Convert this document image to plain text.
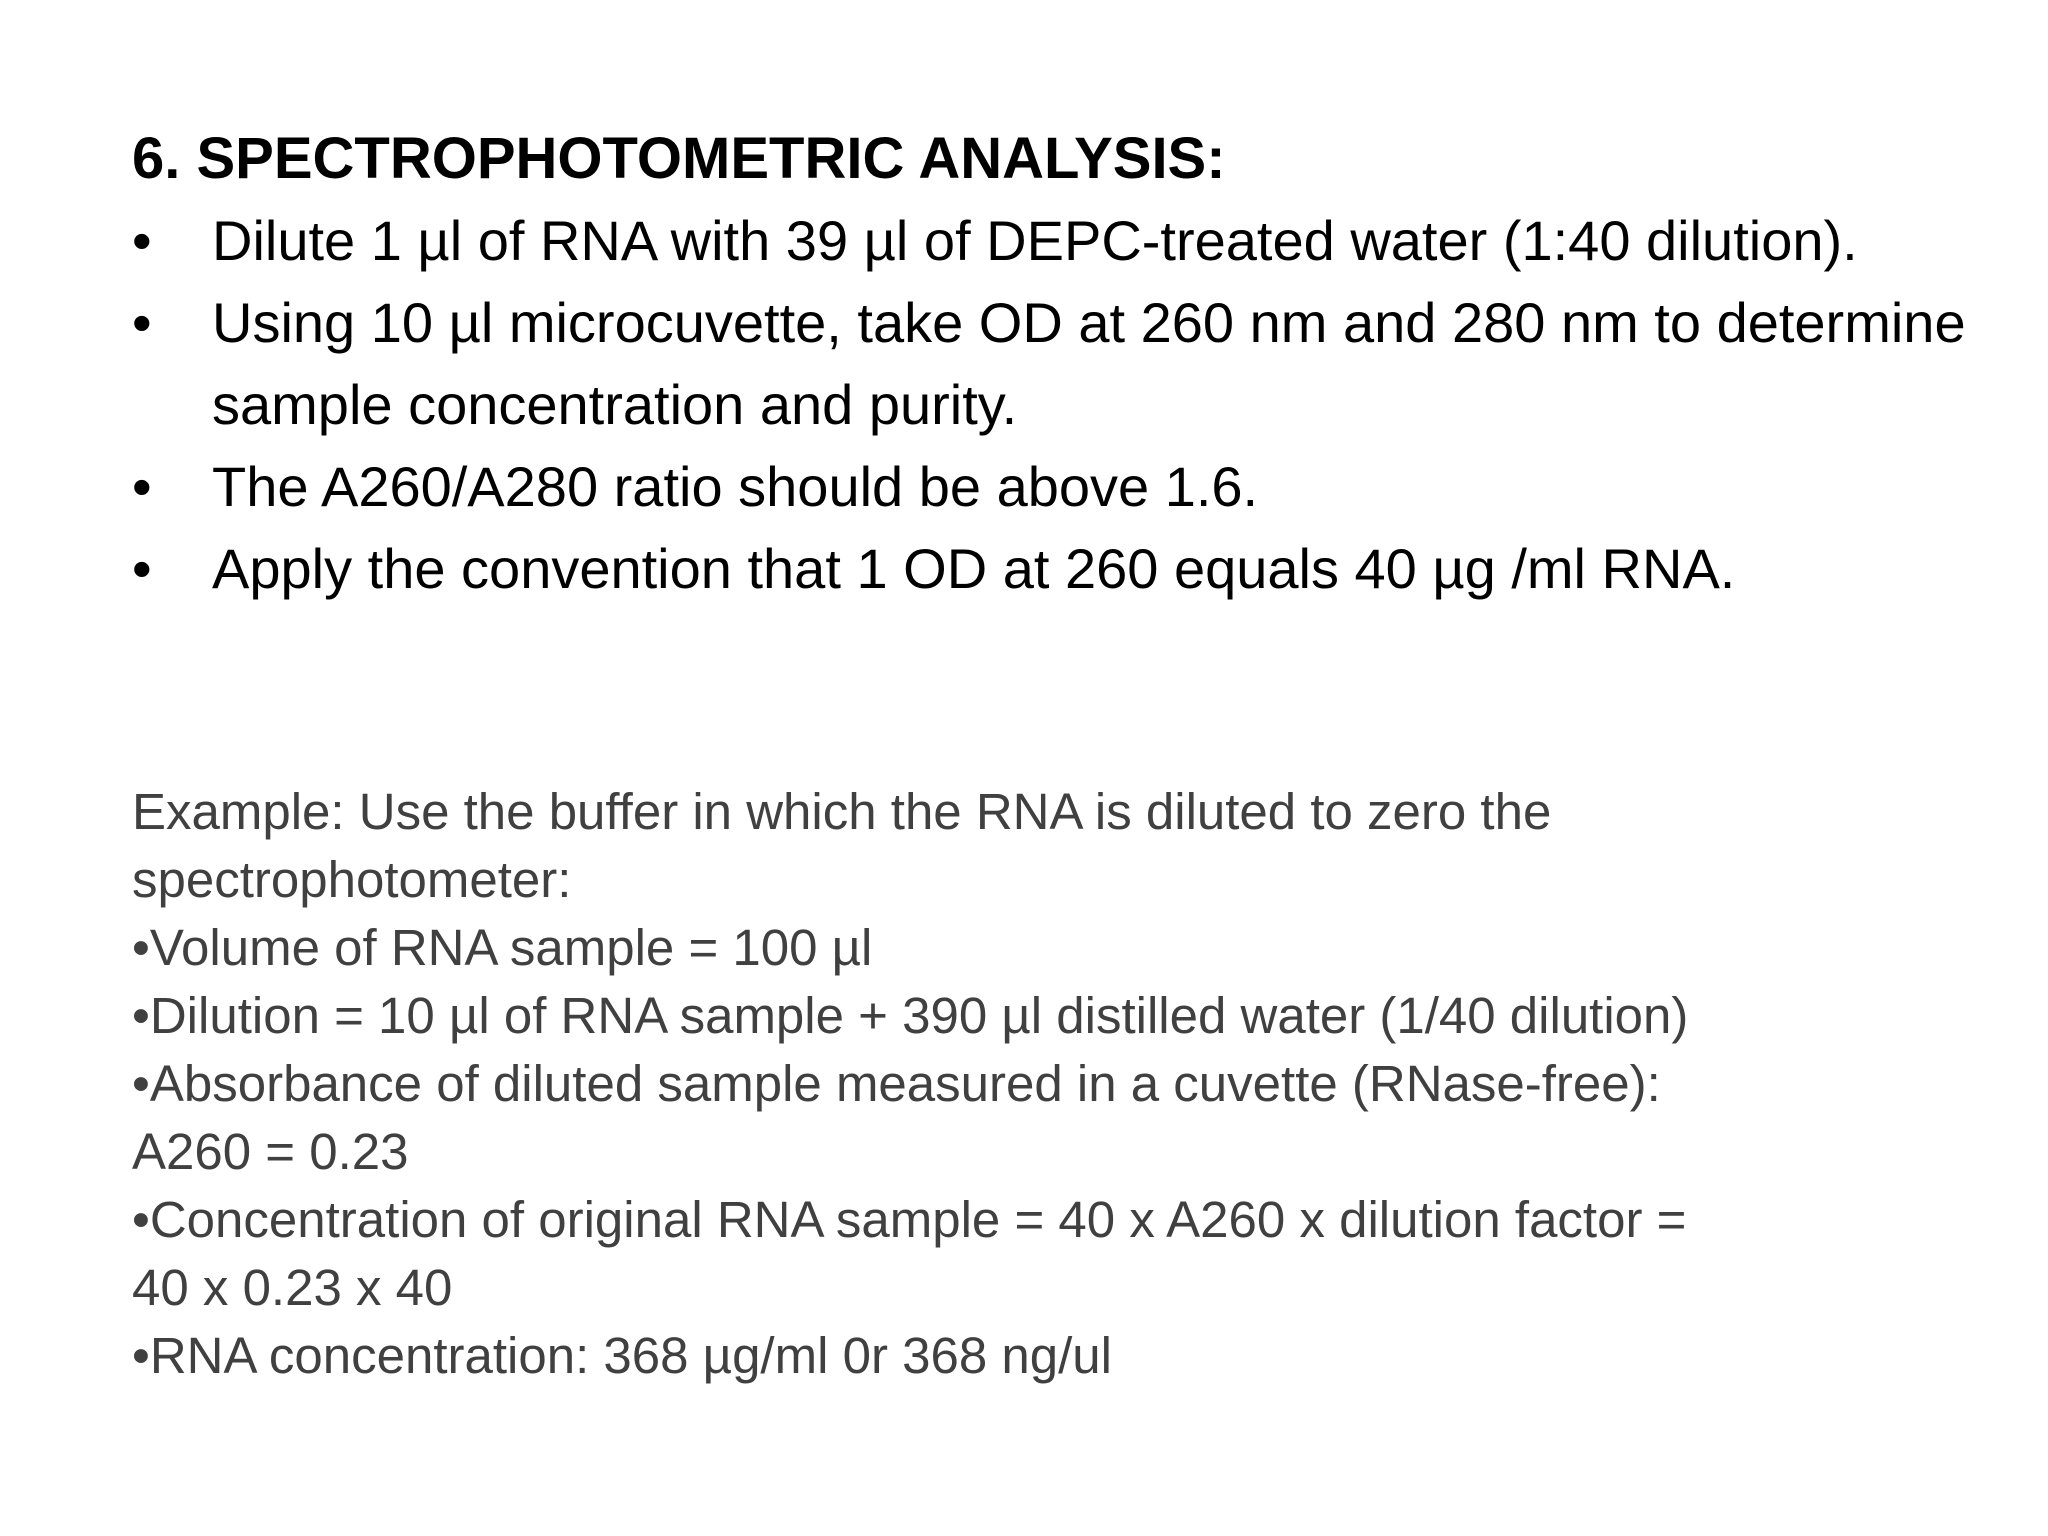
6. SPECTROPHOTOMETRIC ANALYSIS:
•	Dilute 1 µl of RNA with 39 µl of DEPC-treated water (1:40 dilution).
•	Using 10 µl microcuvette, take OD at 260 nm and 280 nm to determine sample concentration and purity.
•	The A260/A280 ratio should be above 1.6.
•	Apply the convention that 1 OD at 260 equals 40 µg /ml RNA.
Example: Use the buffer in which the RNA is diluted to zero the
spectrophotometer:
•Volume of RNA sample = 100 µl
•Dilution = 10 µl of RNA sample + 390 µl distilled water (1/40 dilution)
•Absorbance of diluted sample measured in a cuvette (RNase-free):
A260 = 0.23
•Concentration of original RNA sample = 40 x A260 x dilution factor =
40 x 0.23 x 40
•RNA concentration: 368 µg/ml 0r 368 ng/ul
